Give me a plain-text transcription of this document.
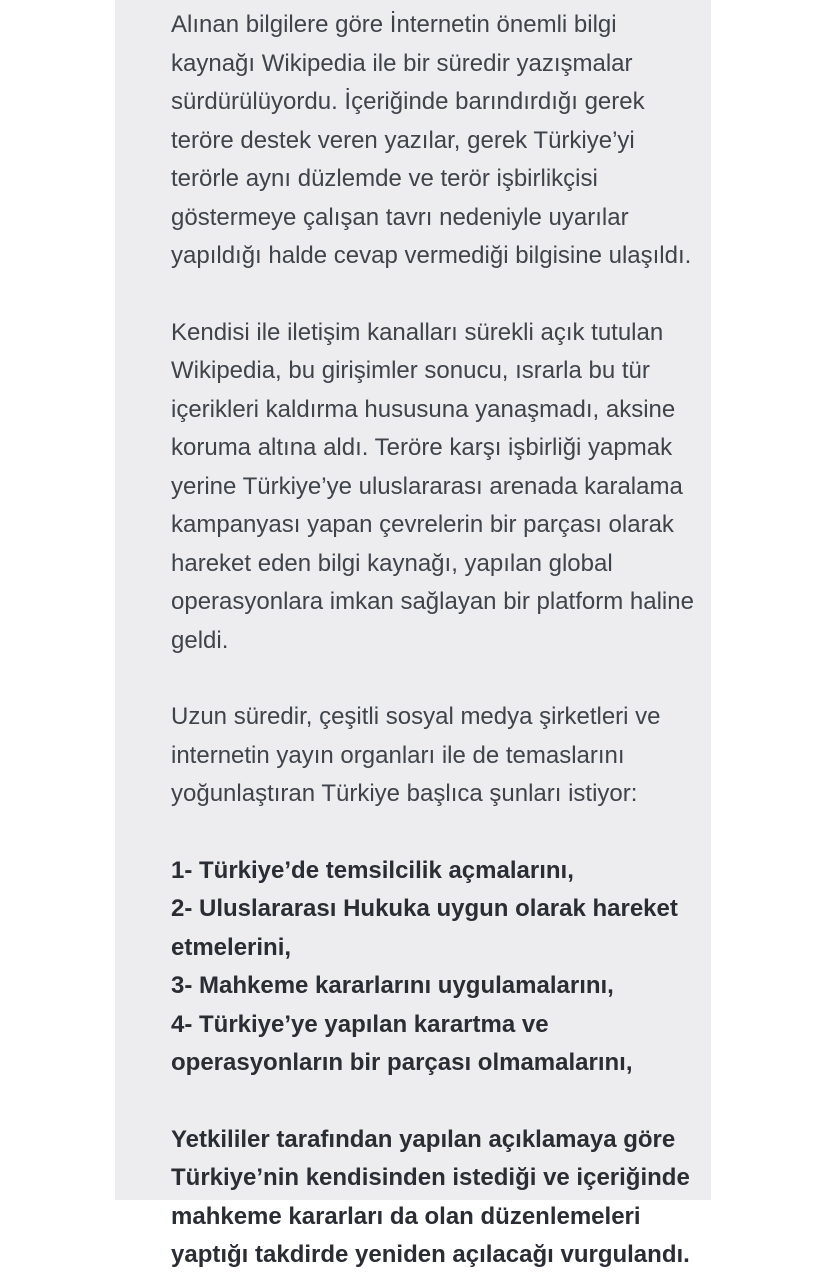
Alınan bilgilere göre İnternetin önemli bilgi

kaynağı Wikipedia ile bir süredir yazışmalar

sürdürülüyordu. İçeriğinde barındırdığı gerek

teröre destek veren yazılar, gerek Türkiye’yi

terörle aynı düzlemde ve terör işbirlikçisi

göstermeye çalışan tavrı nedeniyle uyarılar

yapıldığı halde cevap vermediği bilgisine ulaşıldı.

Kendisi ile iletişim kanalları sürekli açık tutulan

Wikipedia, bu girişimler sonucu, ısrarla bu tür

içerikleri kaldırma hususuna yanaşmadı, aksine

koruma altına aldı. Teröre karşı işbirliği yapmak

yerine Türkiye’ye uluslararası arenada karalama

kampanyası yapan çevrelerin bir parçası olarak

hareket eden bilgi kaynağı, yapılan global

operasyonlara imkan sağlayan bir platform haline

geldi.

Uzun süredir, çeşitli sosyal medya şirketleri ve

internetin yayın organları ile de temaslarını

yoğunlaştıran Türkiye başlıca şunları istiyor:

1- Türkiye’de temsilcilik açmalarını,

2- Uluslararası Hukuka uygun olarak hareket

etmelerini,

3- Mahkeme kararlarını uygulamalarını,

4- Türkiye’ye yapılan karartma ve

operasyonların bir parçası olmamalarını,

Yetkililer tarafından yapılan açıklamaya göre

Türkiye’nin kendisinden istediği ve içeriğinde

mahkeme kararları da olan düzenlemeleri

yaptığı takdirde yeniden açılacağı vurgulandı.
